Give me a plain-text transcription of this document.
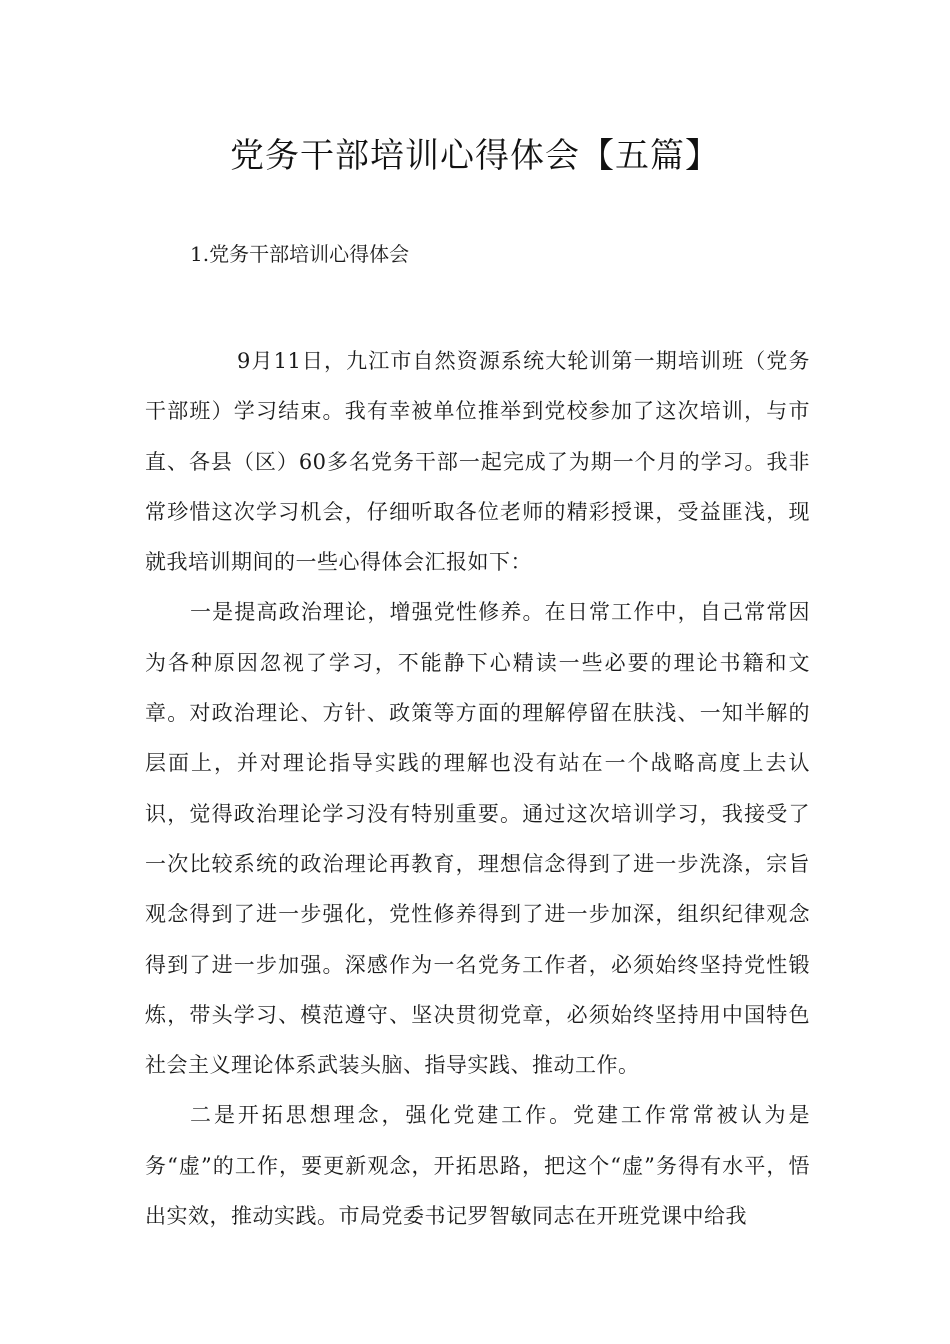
党务干部培训心得体会【五篇】
1.党务干部培训心得体会

9月11日，九江市自然资源系统大轮训第一期培训班（党务干部班）学习结束。我有幸被单位推举到党校参加了这次培训，与市直、各县（区）60多名党务干部一起完成了为期一个月的学习。我非常珍惜这次学习机会，仔细听取各位老师的精彩授课，受益匪浅，现就我培训期间的一些心得体会汇报如下：

一是提高政治理论，增强党性修养。在日常工作中，自己常常因为各种原因忽视了学习，不能静下心精读一些必要的理论书籍和文章。对政治理论、方针、政策等方面的理解停留在肤浅、一知半解的层面上，并对理论指导实践的理解也没有站在一个战略高度上去认识，觉得政治理论学习没有特别重要。通过这次培训学习，我接受了一次比较系统的政治理论再教育，理想信念得到了进一步洗涤，宗旨观念得到了进一步强化，党性修养得到了进一步加深，组织纪律观念得到了进一步加强。深感作为一名党务工作者，必须始终坚持党性锻炼，带头学习、模范遵守、坚决贯彻党章，必须始终坚持用中国特色社会主义理论体系武装头脑、指导实践、推动工作。

二是开拓思想理念，强化党建工作。党建工作常常被认为是务“虚”的工作，要更新观念，开拓思路，把这个“虚”务得有水平，悟出实效，推动实践。市局党委书记罗智敏同志在开班党课中给我
